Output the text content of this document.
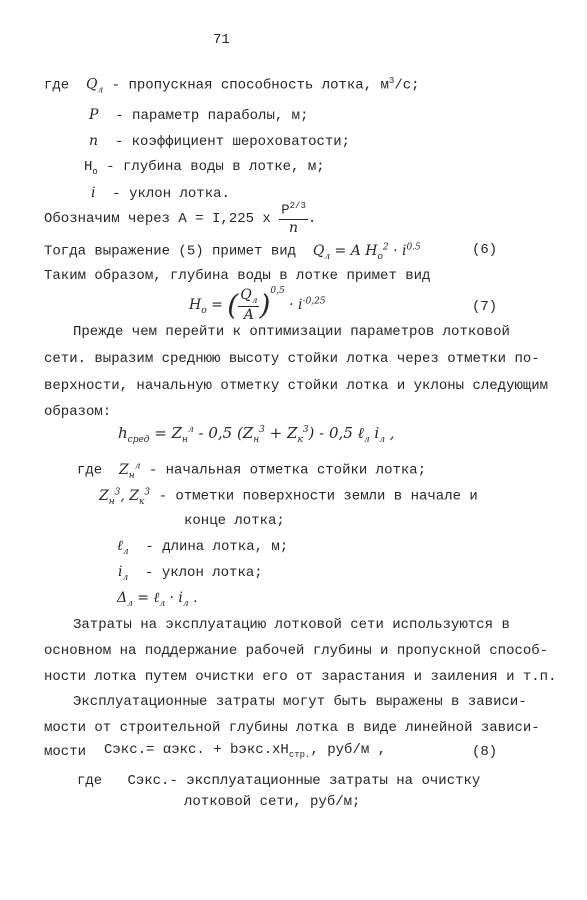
71
где $Q_л$ - пропускная способность лотка, $м^3/с$;
P - параметр параболы, м;
n - коэффициент шероховатости;
$H_о$ - глубина воды в лотке, м;
i - уклон лотка.
Обозначим через А = I,225 х $\frac{P^{2/3}}{n}$ .
Тогда выражение (5) примет вид $Q_л = A$ $H_о^2 \cdot i^{0.5}$	(6)
Таким образом, глубина воды в лотке примет вид
$H_o$ = ( $\frac{Q_л}{A} )^{0,5} \cdot i^{-0,25}$	(7)
Прежде чем перейти к оптимизации параметров лотковой
сети. выразим среднюю высоту стойки лотка через отметки по-
верхности, начальную отметку стойки лотка и уклоны следующим
образом:
$h_{сред} = Z_н^л - 0,5$ $(Z_н^3 + Z_к^3) - 0,5$ ℓ$_л$ $i_л$ ,
где $Z_н^л$ - начальная отметка стойки лотка;
$Z_н^3$, $Z_к^3$ - отметки поверхности земли в начале и
конце лотка;
ℓ$_л$ - длина лотка, м;
$i_л$ - уклон лотка;
$\Delta_л$ = ℓ$_л$ · $i_л$ .
Затраты на эксплуатацию лотковой сети используются в
основном на поддержание рабочей глубины и пропускной способ-
ности лотка путем очистки его от зарастания и заиления и т.п.
Эксплуатационные затраты могут быть выражены в зависи-
мости от строительной глубины лотка в виде линейной зависи-
мости Сэкс.= αэкс. + $bэкс.хН_{стр.}$, руб/м ,	(8)
где Сэкс.- эксплуатационные затраты на очистку
лотковой сети, руб/м;
